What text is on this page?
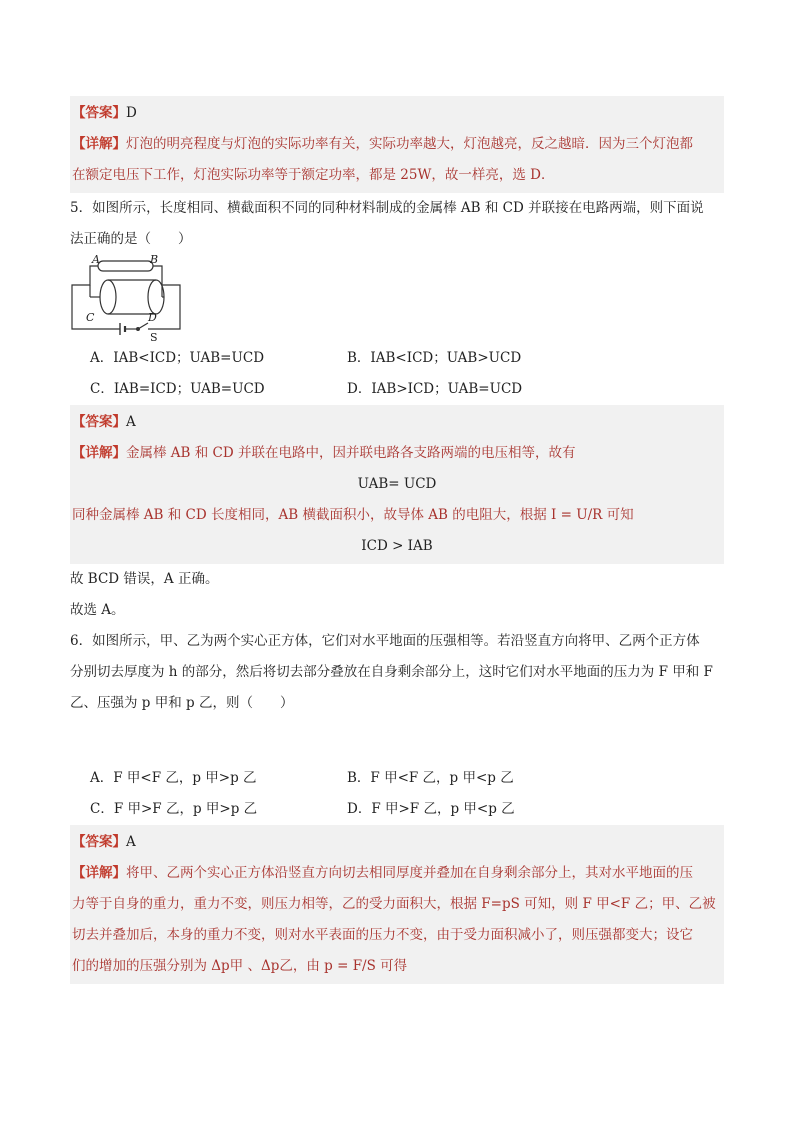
【答案】D
【详解】灯泡的明亮程度与灯泡的实际功率有关，实际功率越大，灯泡越亮，反之越暗．因为三个灯泡都
在额定电压下工作，灯泡实际功率等于额定功率，都是 25W，故一样亮，选 D．
5．如图所示，长度相同、横截面积不同的同种材料制成的金属棒 AB 和 CD 并联接在电路两端，则下面说
法正确的是（　　）
A	B
C	D
S
A．IAB<ICD；UAB=UCD	B．IAB<ICD；UAB>UCD
C．IAB=ICD；UAB=UCD	D．IAB>ICD；UAB=UCD
【答案】A
【详解】金属棒 AB 和 CD 并联在电路中，因并联电路各支路两端的电压相等，故有
UAB= UCD
同种金属棒 AB 和 CD 长度相同，AB 横截面积小，故导体 AB 的电阻大，根据 I = U/R 可知
ICD > IAB
故 BCD 错误，A 正确。
故选 A。
6．如图所示，甲、乙为两个实心正方体，它们对水平地面的压强相等。若沿竖直方向将甲、乙两个正方体
分别切去厚度为 h 的部分，然后将切去部分叠放在自身剩余部分上，这时它们对水平地面的压力为 F 甲和 F
乙、压强为 p 甲和 p 乙，则（　　）
A．F 甲<F 乙，p 甲>p 乙	B．F 甲<F 乙，p 甲<p 乙
C．F 甲>F 乙，p 甲>p 乙	D．F 甲>F 乙，p 甲<p 乙
【答案】A
【详解】将甲、乙两个实心正方体沿竖直方向切去相同厚度并叠加在自身剩余部分上，其对水平地面的压
力等于自身的重力，重力不变，则压力相等，乙的受力面积大，根据 F=pS 可知，则 F 甲<F 乙；甲、乙被
切去并叠加后，本身的重力不变，则对水平表面的压力不变，由于受力面积减小了，则压强都变大；设它
们的增加的压强分别为 Δp甲 、Δp乙，由 p = F/S 可得
